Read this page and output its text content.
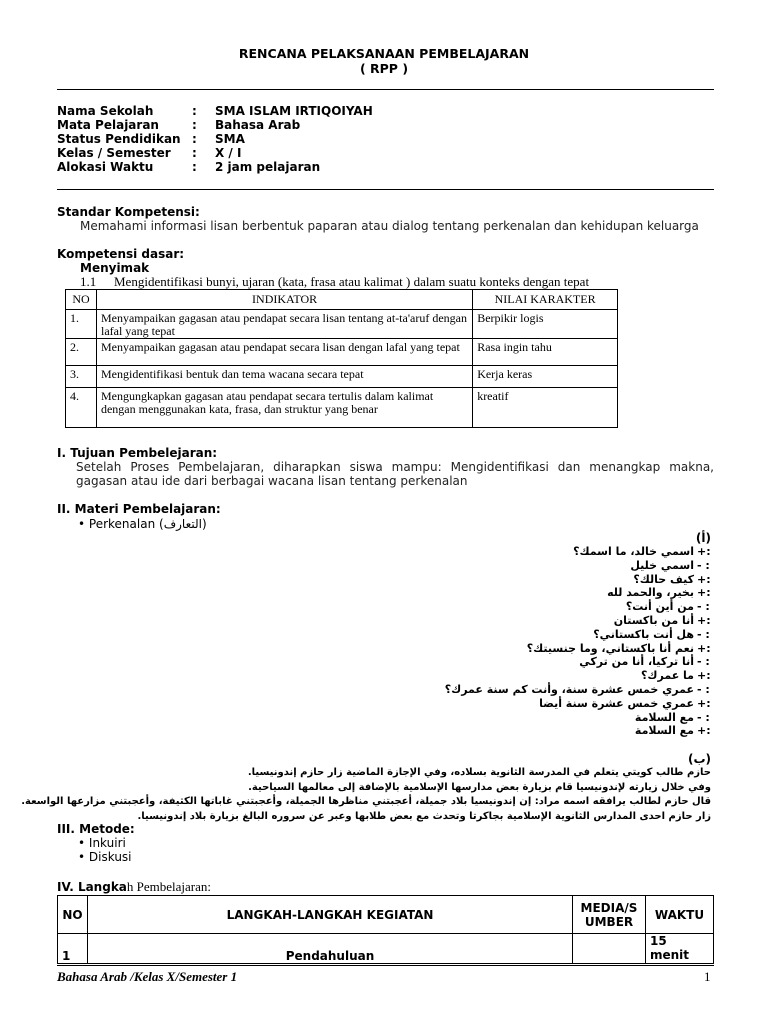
RENCANA PELAKSANAAN PEMBELAJARAN
( RPP )
Nama Sekolah	: SMA ISLAM IRTIQOIYAH
Mata Pelajaran	: Bahasa Arab
Status Pendidikan : SMA
Kelas / Semester : X / I
Alokasi Waktu	: 2 jam pelajaran
Standar Kompetensi:
Memahami informasi lisan berbentuk paparan atau dialog tentang perkenalan dan kehidupan keluarga
Kompetensi dasar:
Menyimak
1.1 Mengidentifikasi bunyi, ujaran (kata, frasa atau kalimat ) dalam suatu konteks dengan tepat
NO	INDIKATOR	NILAI KARAKTER
1.	Menyampaikan gagasan atau pendapat secara lisan tentang at-ta'aruf dengan lafal yang tepat	Berpikir logis
2.	Menyampaikan gagasan atau pendapat secara lisan dengan lafal yang tepat	Rasa ingin tahu
3.	Mengidentifikasi bentuk dan tema wacana secara tepat	Kerja keras
4.	Mengungkapkan gagasan atau pendapat secara tertulis dalam kalimat dengan menggunakan kata, frasa, dan struktur yang benar	kreatif
I. Tujuan Pembelejaran:
Setelah Proses Pembelajaran, diharapkan siswa mampu: Mengidentifikasi dan menangkap makna, gagasan atau ide dari berbagai wacana lisan tentang perkenalan
II. Materi Pembelajaran:
• Perkenalan (التعارف)
(أ)
اسمي خالد، ما اسمك؟ +:
اسمي خليل - :
كيف حالك؟ +:
بخير، والحمد لله +:
من أين أنت؟ - :
أنا من باكستان +:
هل أنت باكستاني؟ - :
نعم أنا باكستاني، وما جنسيتك؟ +:
أنا تركيا، أنا من تركي - :
ما عمرك؟ +:
عمري خمس عشرة سنة، وأنت كم سنة عمرك؟ - :
عمري خمس عشرة سنة أيضا +:
مع السلامة - :
مع السلامة +:
(ب)
حازم طالب كويتي يتعلم في المدرسة الثانوية بسلاده، وفي الإجازة الماضية زار حازم إندونيسيا.
وفي خلال زيارته لإندونيسيا قام بزيارة بعض مدارسها الإسلامية بالإضافة إلى معالمها السياحية.
قال حازم لطالب يرافقه اسمه مراد: إن إندونيسيا بلاد جميلة، أعجبتني مناظرها الجميلة، وأعجبتني غاباتها الكثيفة، وأعجبتني مزارعها الواسعة.
زار حازم احدى المدارس الثانوية الإسلامية بجاكرتا وتحدث مع بعض طلابها وعبر عن سروره البالغ بزيارة بلاد إندونيسيا.
III. Metode:
• Inkuiri
• Diskusi
IV. Langkah Pembelajaran:
NO	LANGKAH-LANGKAH KEGIATAN	MEDIA/S UMBER	WAKTU
1	Pendahuluan		15 menit
Bahasa Arab /Kelas X/Semester 1	1
